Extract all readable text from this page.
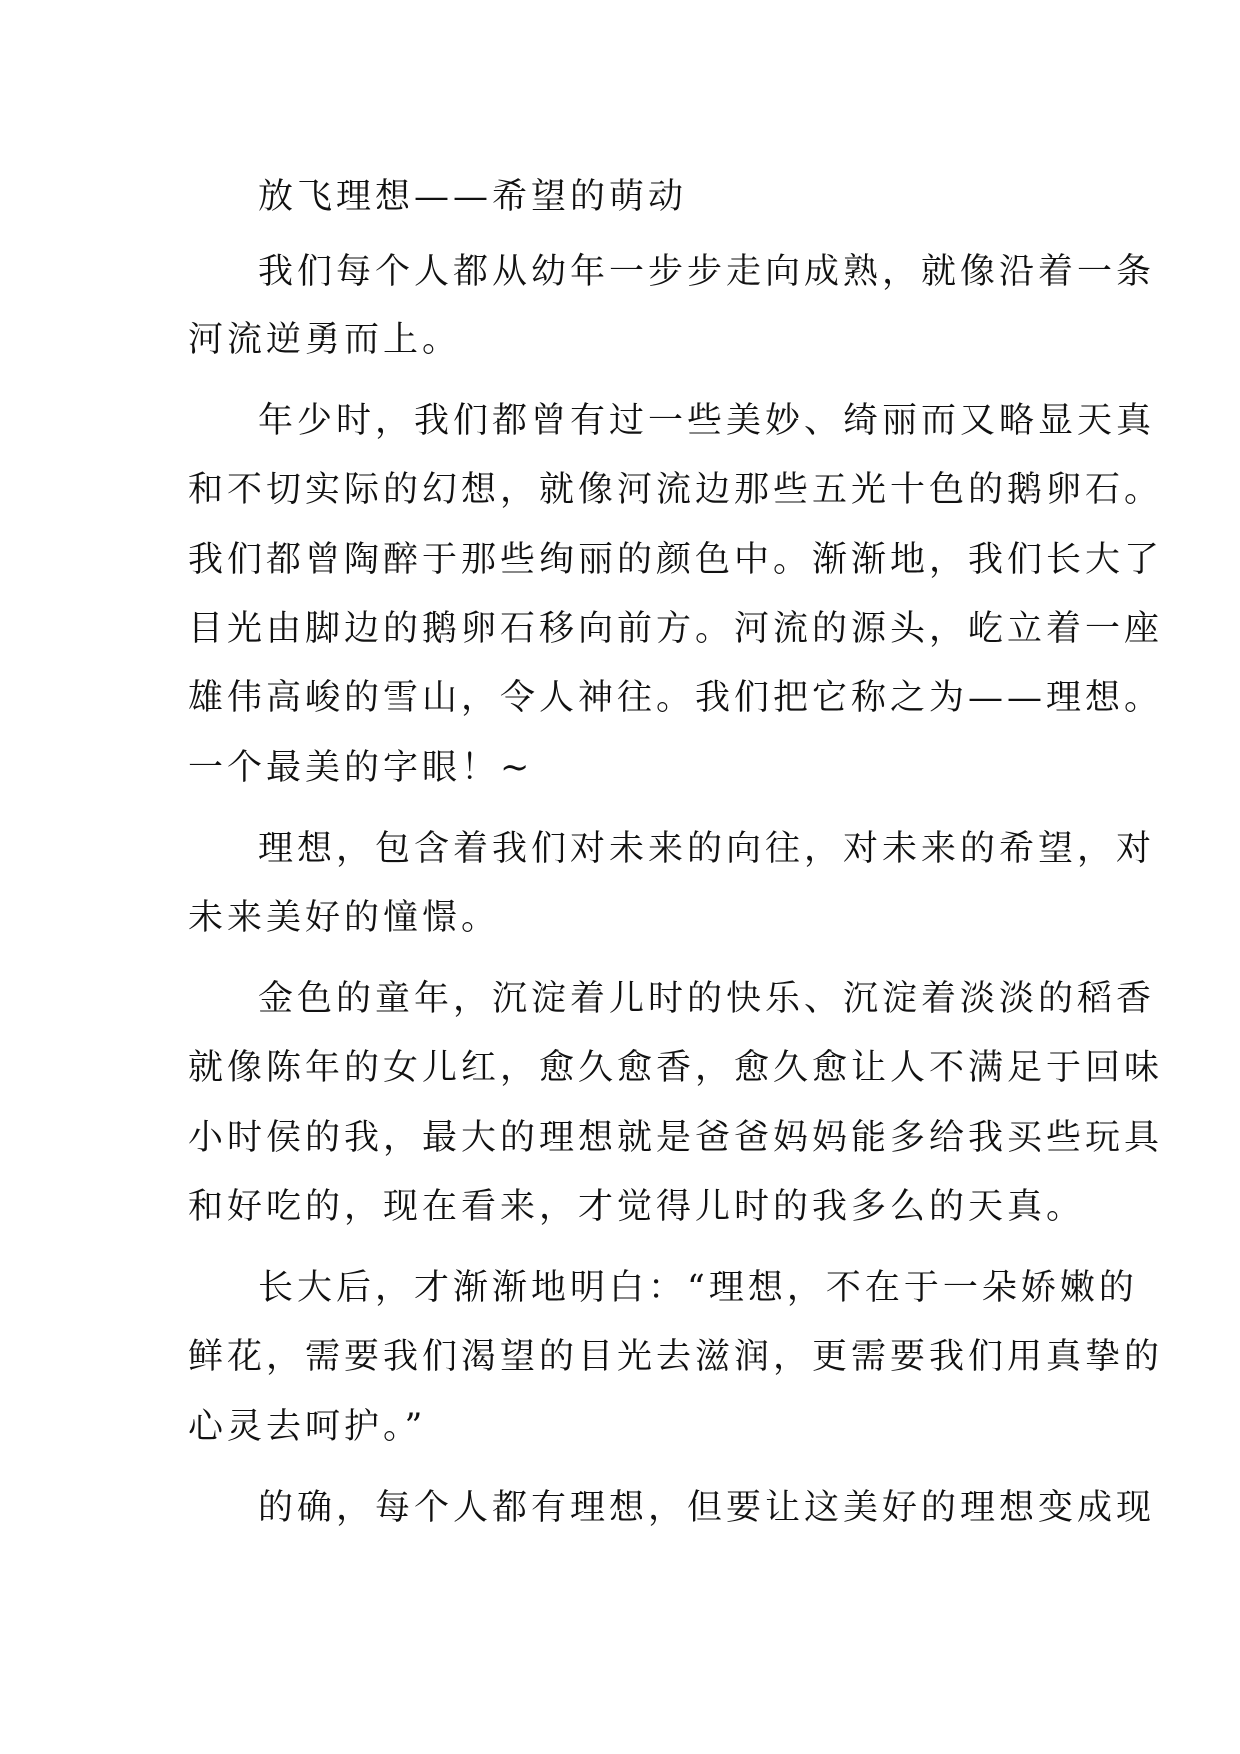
放飞理想——希望的萌动
我们每个人都从幼年一步步走向成熟，就像沿着一条
河流逆勇而上。
年少时，我们都曾有过一些美妙、绮丽而又略显天真
和不切实际的幻想，就像河流边那些五光十色的鹅卵石。
我们都曾陶醉于那些绚丽的颜色中。渐渐地，我们长大了
目光由脚边的鹅卵石移向前方。河流的源头，屹立着一座
雄伟高峻的雪山，令人神往。我们把它称之为——理想。
一个最美的字眼！~
理想，包含着我们对未来的向往，对未来的希望，对
未来美好的憧憬。
金色的童年，沉淀着儿时的快乐、沉淀着淡淡的稻香
就像陈年的女儿红，愈久愈香，愈久愈让人不满足于回味
小时侯的我，最大的理想就是爸爸妈妈能多给我买些玩具
和好吃的，现在看来，才觉得儿时的我多么的天真。
长大后，才渐渐地明白：“理想，不在于一朵娇嫩的
鲜花，需要我们渴望的目光去滋润，更需要我们用真挚的
心灵去呵护。”
的确，每个人都有理想，但要让这美好的理想变成现
